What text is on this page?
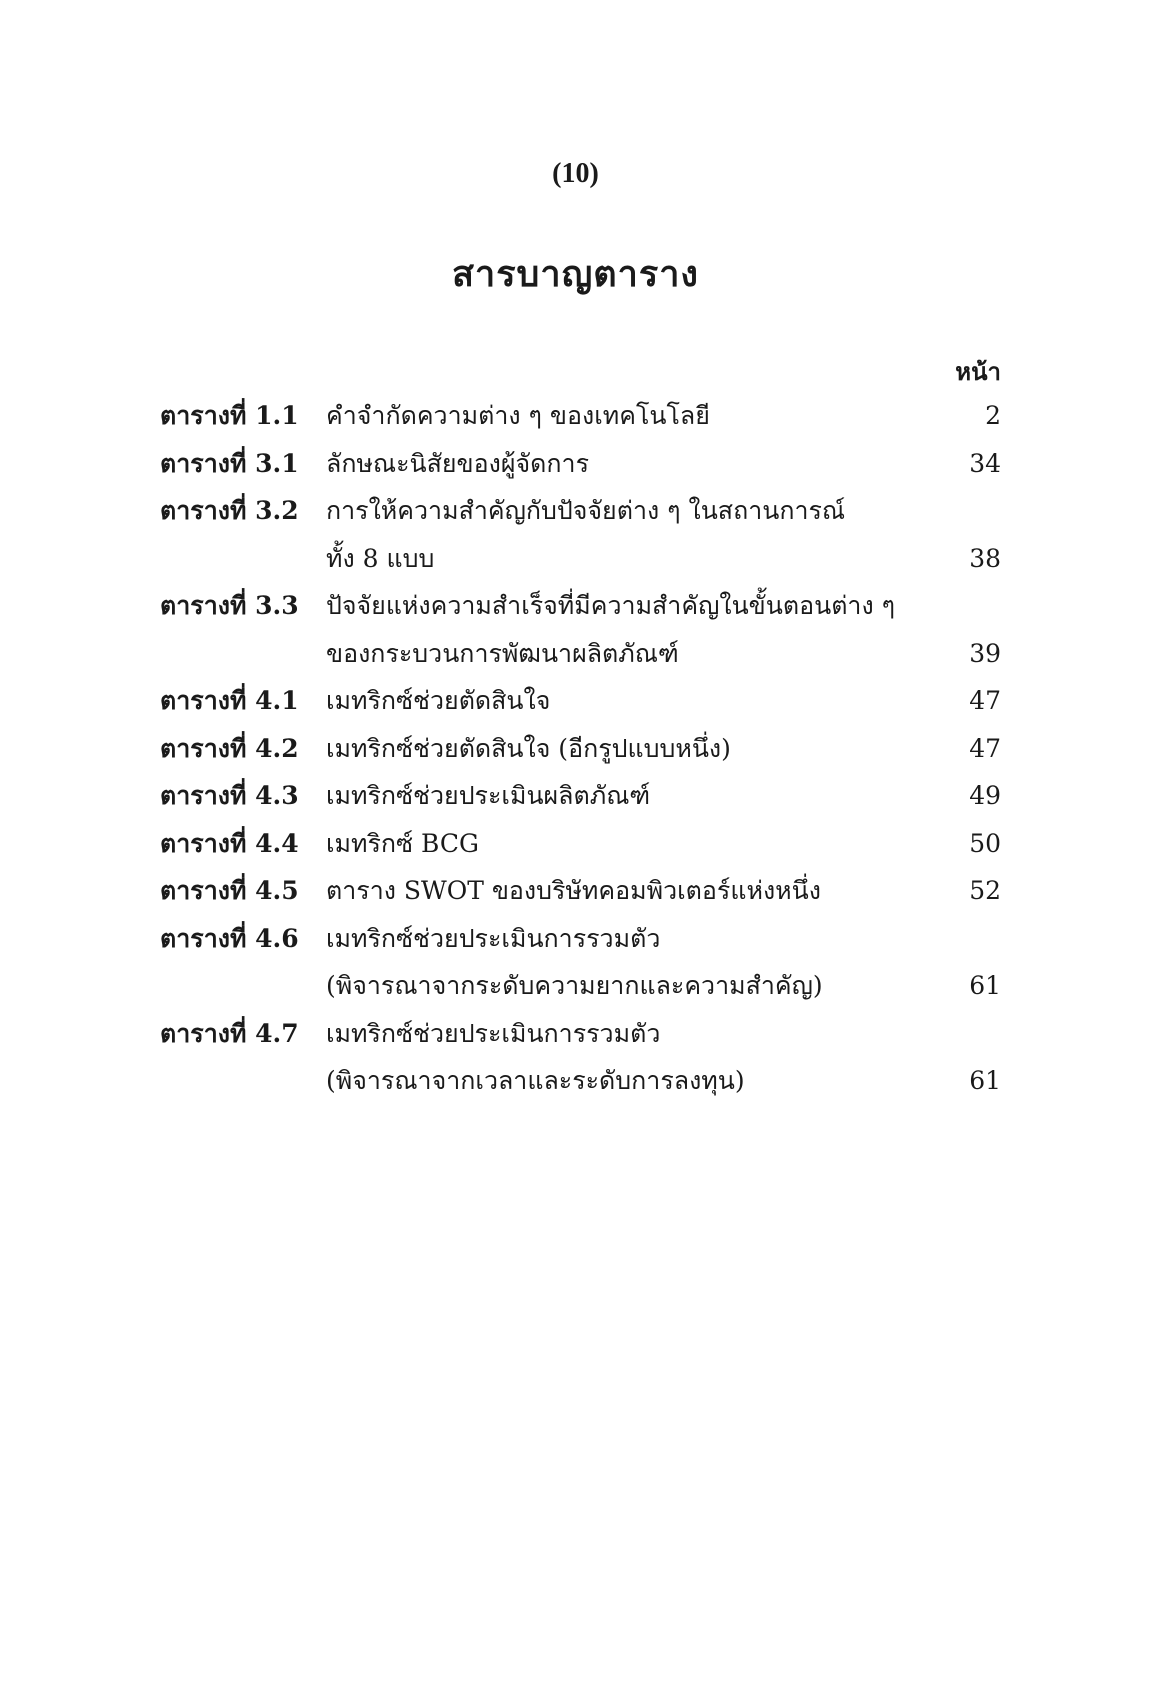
(10)
สารบาญตาราง
หน้า
ตารางที่ 1.1	คำจำกัดความต่าง ๆ ของเทคโนโลยี	2
ตารางที่ 3.1	ลักษณะนิสัยของผู้จัดการ	34
ตารางที่ 3.2	การให้ความสำคัญกับปัจจัยต่าง ๆ ในสถานการณ์
ทั้ง 8 แบบ	38
ตารางที่ 3.3	ปัจจัยแห่งความสำเร็จที่มีความสำคัญในขั้นตอนต่าง ๆ
ของกระบวนการพัฒนาผลิตภัณฑ์	39
ตารางที่ 4.1	เมทริกซ์ช่วยตัดสินใจ	47
ตารางที่ 4.2	เมทริกซ์ช่วยตัดสินใจ (อีกรูปแบบหนึ่ง)	47
ตารางที่ 4.3	เมทริกซ์ช่วยประเมินผลิตภัณฑ์	49
ตารางที่ 4.4	เมทริกซ์ BCG	50
ตารางที่ 4.5	ตาราง SWOT ของบริษัทคอมพิวเตอร์แห่งหนึ่ง	52
ตารางที่ 4.6	เมทริกซ์ช่วยประเมินการรวมตัว
(พิจารณาจากระดับความยากและความสำคัญ)	61
ตารางที่ 4.7	เมทริกซ์ช่วยประเมินการรวมตัว
(พิจารณาจากเวลาและระดับการลงทุน)	61
